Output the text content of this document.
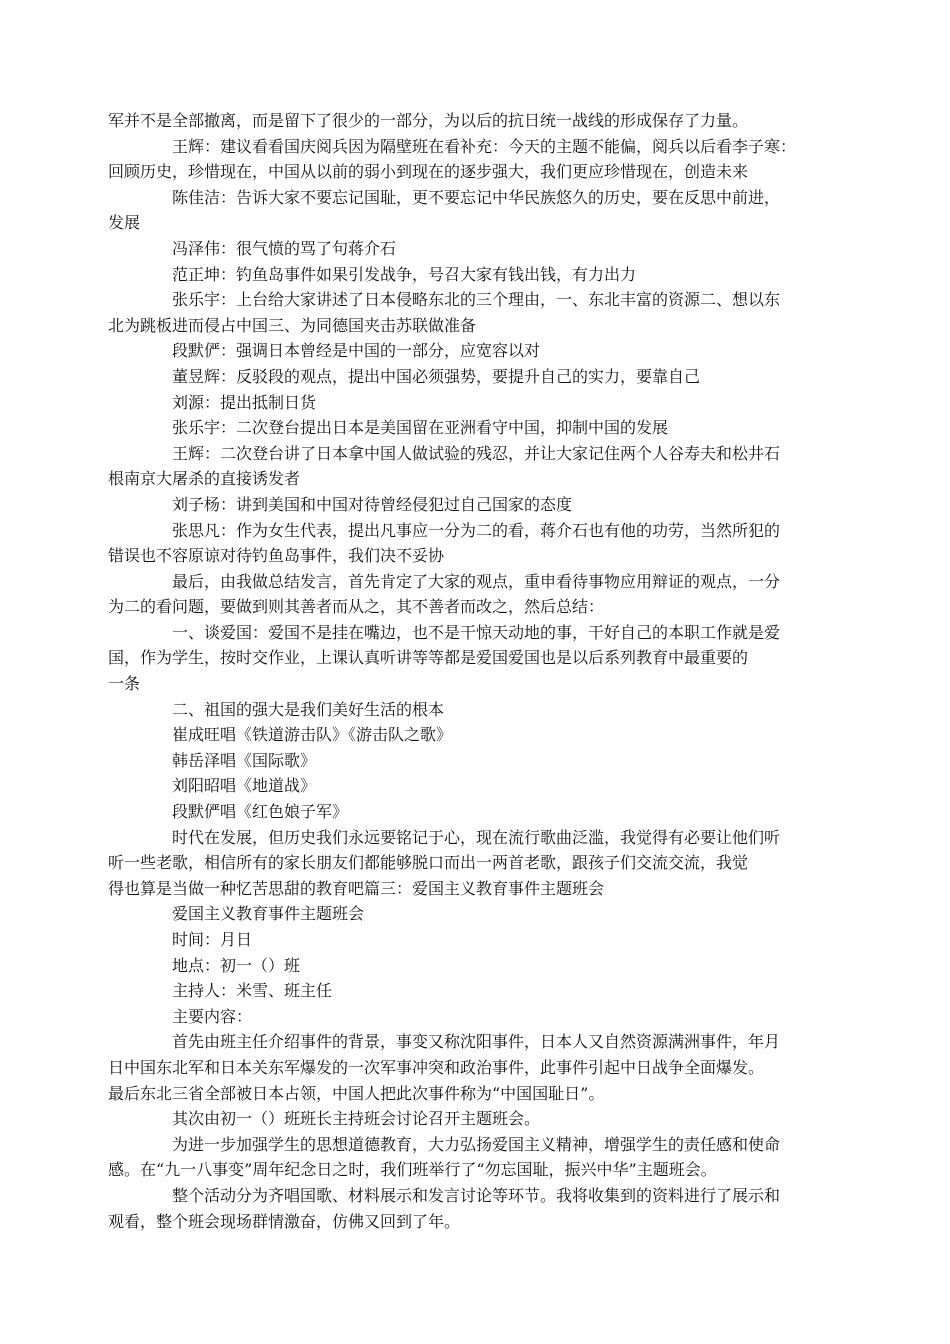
军并不是全部撤离，而是留下了很少的一部分，为以后的抗日统一战线的形成保存了力量。
王辉：建议看看国庆阅兵因为隔壁班在看补充：今天的主题不能偏，阅兵以后看李子寒：
回顾历史，珍惜现在，中国从以前的弱小到现在的逐步强大，我们更应珍惜现在，创造未来
陈佳洁：告诉大家不要忘记国耻，更不要忘记中华民族悠久的历史，要在反思中前进，
发展
冯泽伟：很气愤的骂了句蒋介石
范正坤：钓鱼岛事件如果引发战争，号召大家有钱出钱，有力出力
张乐宇：上台给大家讲述了日本侵略东北的三个理由，一、东北丰富的资源二、想以东
北为跳板进而侵占中国三、为同德国夹击苏联做准备
段默俨：强调日本曾经是中国的一部分，应宽容以对
董昱辉：反驳段的观点，提出中国必须强势，要提升自己的实力，要靠自己
刘源：提出抵制日货
张乐宇：二次登台提出日本是美国留在亚洲看守中国，抑制中国的发展
王辉：二次登台讲了日本拿中国人做试验的残忍，并让大家记住两个人谷寿夫和松井石
根南京大屠杀的直接诱发者
刘子杨：讲到美国和中国对待曾经侵犯过自己国家的态度
张思凡：作为女生代表，提出凡事应一分为二的看，蒋介石也有他的功劳，当然所犯的
错误也不容原谅对待钓鱼岛事件，我们决不妥协
最后，由我做总结发言，首先肯定了大家的观点，重申看待事物应用辩证的观点，一分
为二的看问题，要做到则其善者而从之，其不善者而改之，然后总结：
一、谈爱国：爱国不是挂在嘴边，也不是干惊天动地的事，干好自己的本职工作就是爱
国，作为学生，按时交作业，上课认真听讲等等都是爱国爱国也是以后系列教育中最重要的
一条
二、祖国的强大是我们美好生活的根本
崔成旺唱《铁道游击队》《游击队之歌》
韩岳泽唱《国际歌》
刘阳昭唱《地道战》
段默俨唱《红色娘子军》
时代在发展，但历史我们永远要铭记于心，现在流行歌曲泛滥，我觉得有必要让他们听
听一些老歌，相信所有的家长朋友们都能够脱口而出一两首老歌，跟孩子们交流交流，我觉
得也算是当做一种忆苦思甜的教育吧篇三：爱国主义教育事件主题班会
爱国主义教育事件主题班会
时间：月日
地点：初一（）班
主持人：米雪、班主任
主要内容：
首先由班主任介绍事件的背景，事变又称沈阳事件，日本人又自然资源满洲事件，年月
日中国东北军和日本关东军爆发的一次军事冲突和政治事件，此事件引起中日战争全面爆发。
最后东北三省全部被日本占领，中国人把此次事件称为“中国国耻日”。
其次由初一（）班班长主持班会讨论召开主题班会。
为进一步加强学生的思想道德教育，大力弘扬爱国主义精神，增强学生的责任感和使命
感。在“九一八事变”周年纪念日之时，我们班举行了“勿忘国耻，振兴中华”主题班会。
整个活动分为齐唱国歌、材料展示和发言讨论等环节。我将收集到的资料进行了展示和
观看，整个班会现场群情激奋，仿佛又回到了年。
